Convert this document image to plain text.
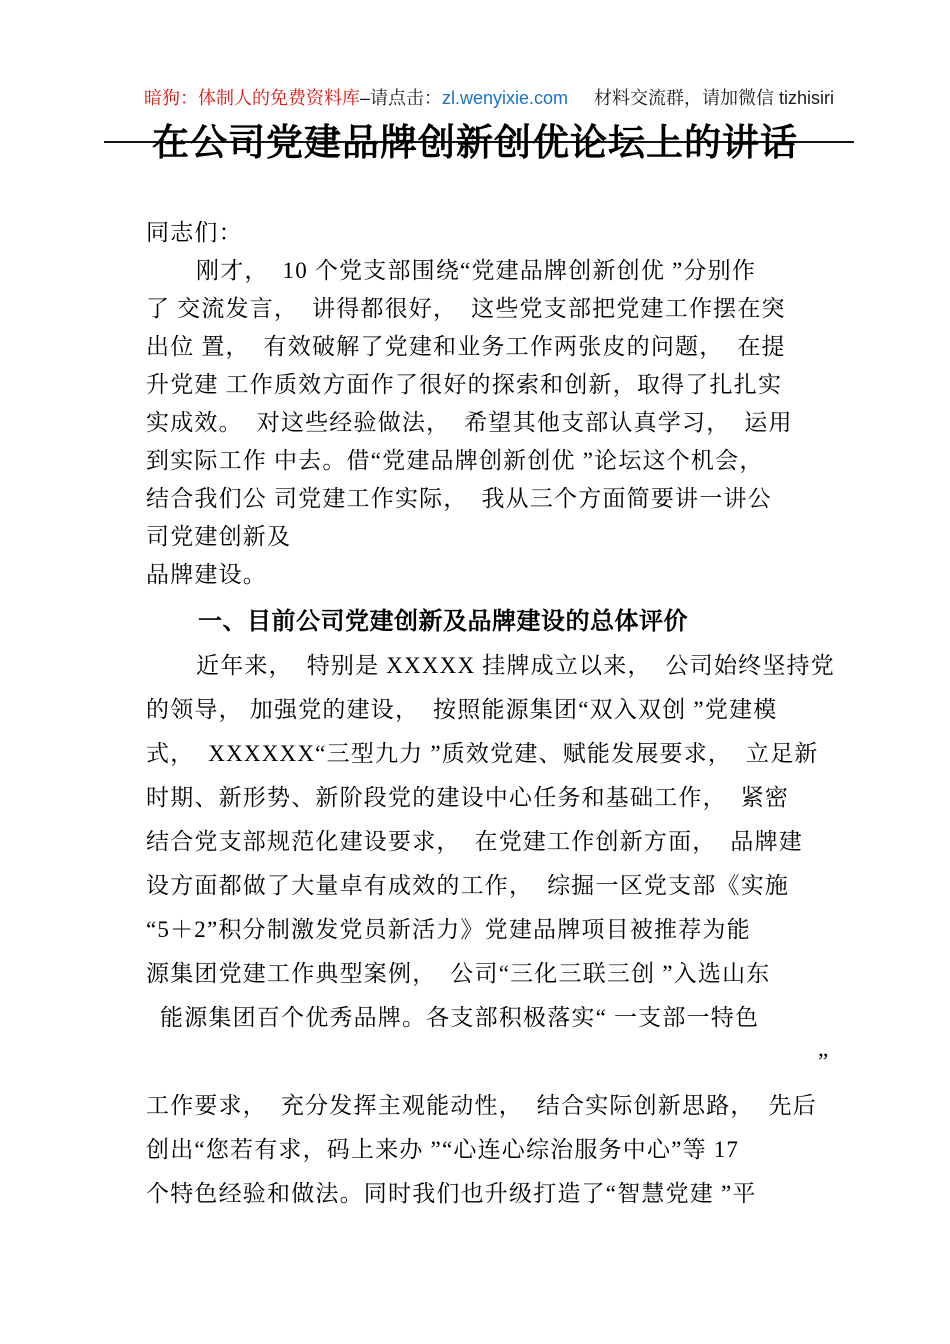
暗狗：体制人的免费资料库–请点击：zl.wenyixie.com 材料交流群，请加微信 tizhisiri

在公司党建品牌创新创优论坛上的讲话
同志们：
刚才，  10 个党支部围绕“党建品牌创新创优 ”分别作
了 交流发言，  讲得都很好，  这些党支部把党建工作摆在突
出位 置，  有效破解了党建和业务工作两张皮的问题，  在提
升党建 工作质效方面作了很好的探索和创新，取得了扎扎实
实成效。  对这些经验做法，  希望其他支部认真学习，  运用
到实际工作 中去。借“党建品牌创新创优 ”论坛这个机会，
结合我们公 司党建工作实际，  我从三个方面简要讲一讲公
司党建创新及
品牌建设。
一、目前公司党建创新及品牌建设的总体评价
近年来，  特别是 XXXXX 挂牌成立以来，  公司始终坚持党
的领导， 加强党的建设，  按照能源集团“双入双创 ”党建模
式，  XXXXXX“三型九力 ”质效党建、赋能发展要求，  立足新
时期、新形势、新阶段党的建设中心任务和基础工作，  紧密
结合党支部规范化建设要求，  在党建工作创新方面，  品牌建
设方面都做了大量卓有成效的工作，  综掘一区党支部《实施
“5＋2”积分制激发党员新活力》党建品牌项目被推荐为能
源集团党建工作典型案例，  公司“三化三联三创 ”入选山东
能源集团百个优秀品牌。各支部积极落实“ 一支部一特色
”
工作要求，  充分发挥主观能动性，  结合实际创新思路，  先后
创出“您若有求，码上来办 ”“心连心综治服务中心”等 17
个特色经验和做法。同时我们也升级打造了“智慧党建 ”平
